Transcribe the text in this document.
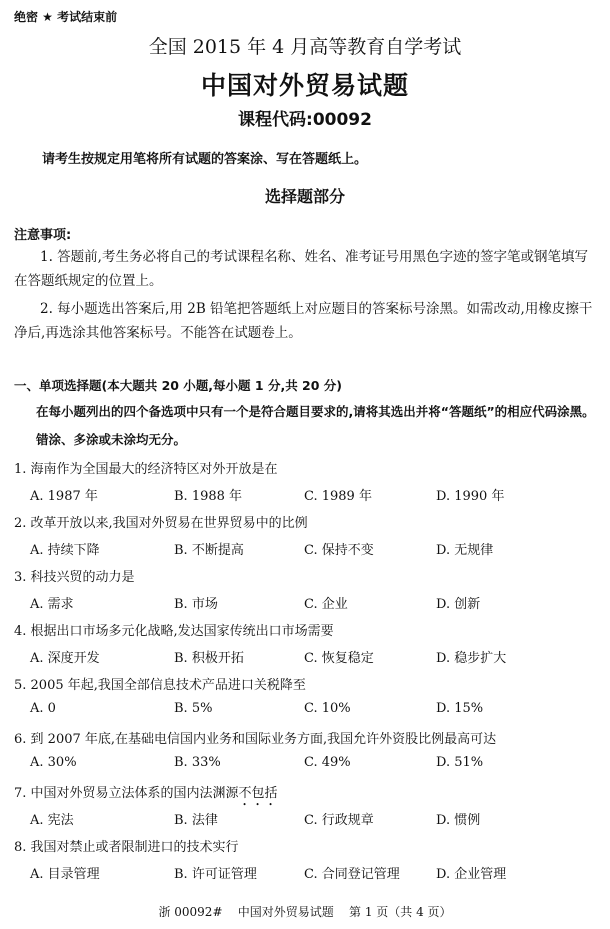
绝密 ★ 考试结束前
全国 2015 年 4 月高等教育自学考试
中国对外贸易试题
课程代码:00092
请考生按规定用笔将所有试题的答案涂、写在答题纸上。
选择题部分
注意事项:
1. 答题前,考生务必将自己的考试课程名称、姓名、准考证号用黑色字迹的签字笔或钢笔填写在答题纸规定的位置上。
2. 每小题选出答案后,用 2B 铅笔把答题纸上对应题目的答案标号涂黑。如需改动,用橡皮擦干净后,再选涂其他答案标号。不能答在试题卷上。
一、单项选择题(本大题共 20 小题,每小题 1 分,共 20 分)
在每小题列出的四个备选项中只有一个是符合题目要求的,请将其选出并将“答题纸”的相应代码涂黑。错涂、多涂或未涂均无分。
1. 海南作为全国最大的经济特区对外开放是在
A. 1987 年	B. 1988 年	C. 1989 年	D. 1990 年
2. 改革开放以来,我国对外贸易在世界贸易中的比例
A. 持续下降	B. 不断提高	C. 保持不变	D. 无规律
3. 科技兴贸的动力是
A. 需求	B. 市场	C. 企业	D. 创新
4. 根据出口市场多元化战略,发达国家传统出口市场需要
A. 深度开发	B. 积极开拓	C. 恢复稳定	D. 稳步扩大
5. 2005 年起,我国全部信息技术产品进口关税降至
A. 0	B. 5%	C. 10%	D. 15%
6. 到 2007 年底,在基础电信国内业务和国际业务方面,我国允许外资股比例最高可达
A. 30%	B. 33%	C. 49%	D. 51%
7. 中国对外贸易立法体系的国内法渊源不包括
A. 宪法	B. 法律	C. 行政规章	D. 惯例
8. 我国对禁止或者限制进口的技术实行
A. 目录管理	B. 许可证管理	C. 合同登记管理	D. 企业管理
浙 00092#    中国对外贸易试题    第 1 页（共 4 页）
